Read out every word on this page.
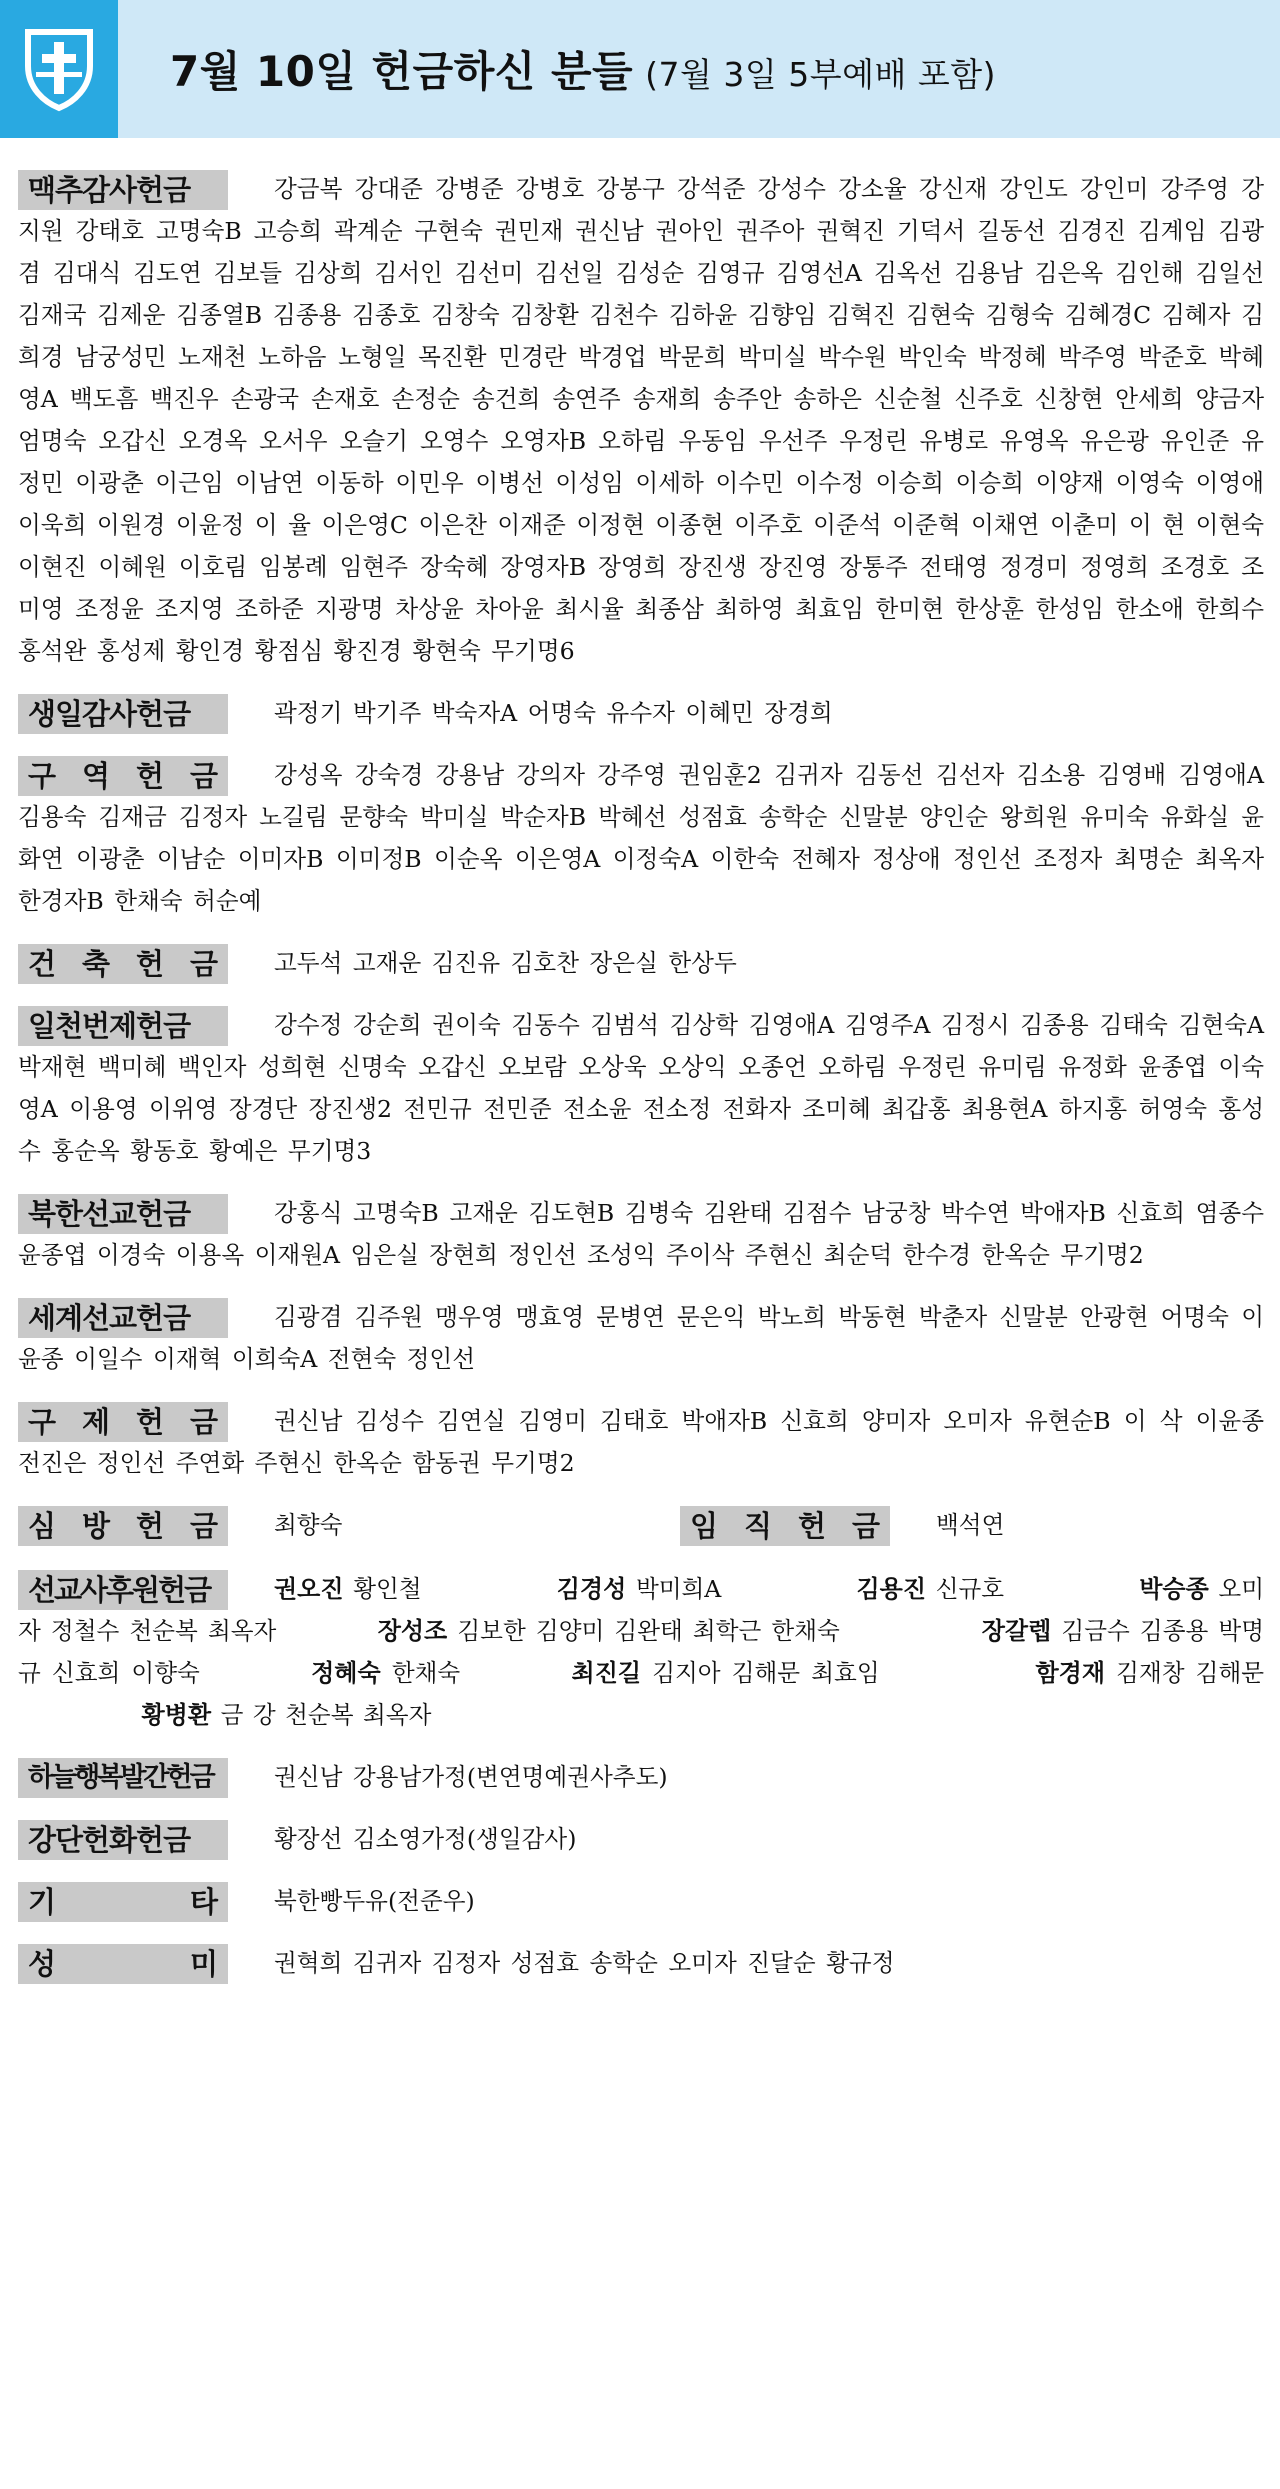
7월 10일 헌금하신 분들 (7월 3일 5부예배 포함)
맥추감사헌금	강금복 강대준 강병준 강병호 강봉구 강석준 강성수 강소율 강신재 강인도 강인미 강주영 강지원 강태호 고명숙B 고승희 곽계순 구현숙 권민재 권신남 권아인 권주아 권혁진 기덕서 길동선 김경진 김계임 김광겸 김대식 김도연 김보들 김상희 김서인 김선미 김선일 김성순 김영규 김영선A 김옥선 김용남 김은옥 김인해 김일선 김재국 김제운 김종열B 김종용 김종호 김창숙 김창환 김천수 김하윤 김향임 김혁진 김현숙 김형숙 김혜경C 김혜자 김희경 남궁성민 노재천 노하음 노형일 목진환 민경란 박경업 박문희 박미실 박수원 박인숙 박정혜 박주영 박준호 박혜영A 백도흠 백진우 손광국 손재호 손정순 송건희 송연주 송재희 송주안 송하은 신순철 신주호 신창현 안세희 양금자 엄명숙 오갑신 오경옥 오서우 오슬기 오영수 오영자B 오하림 우동임 우선주 우정린 유병로 유영옥 유은광 유인준 유정민 이광춘 이근임 이남연 이동하 이민우 이병선 이성임 이세하 이수민 이수정 이승희 이승희 이양재 이영숙 이영애 이욱희 이원경 이윤정 이 율 이은영C 이은찬 이재준 이정현 이종현 이주호 이준석 이준혁 이채연 이춘미 이 현 이현숙 이현진 이혜원 이호림 임봉례 임현주 장숙혜 장영자B 장영희 장진생 장진영 장통주 전태영 정경미 정영희 조경호 조미영 조정윤 조지영 조하준 지광명 차상윤 차아윤 최시율 최종삼 최하영 최효임 한미현 한상훈 한성임 한소애 한희수 홍석완 홍성제 황인경 황점심 황진경 황현숙 무기명6
생일감사헌금	곽정기 박기주 박숙자A 어명숙 유수자 이혜민 장경희
구 역 헌 금	강성옥 강숙경 강용남 강의자 강주영 권임훈2 김귀자 김동선 김선자 김소용 김영배 김영애A 김용숙 김재금 김정자 노길림 문향숙 박미실 박순자B 박혜선 성점효 송학순 신말분 양인순 왕희원 유미숙 유화실 윤화연 이광춘 이남순 이미자B 이미정B 이순옥 이은영A 이정숙A 이한숙 전혜자 정상애 정인선 조정자 최명순 최옥자 한경자B 한채숙 허순예
건 축 헌 금	고두석 고재운 김진유 김호찬 장은실 한상두
일천번제헌금	강수정 강순희 권이숙 김동수 김범석 김상학 김영애A 김영주A 김정시 김종용 김태숙 김현숙A 박재현 백미혜 백인자 성희현 신명숙 오갑신 오보람 오상욱 오상익 오종언 오하림 우정린 유미림 유정화 윤종엽 이숙영A 이용영 이위영 장경단 장진생2 전민규 전민준 전소윤 전소정 전화자 조미혜 최갑홍 최용현A 하지홍 허영숙 홍성수 홍순옥 황동호 황예은 무기명3
북한선교헌금	강홍식 고명숙B 고재운 김도현B 김병숙 김완태 김점수 남궁창 박수연 박애자B 신효희 염종수 윤종엽 이경숙 이용옥 이재원A 임은실 장현희 정인선 조성익 주이삭 주현신 최순덕 한수경 한옥순 무기명2
세계선교헌금	김광겸 김주원 맹우영 맹효영 문병연 문은익 박노희 박동현 박춘자 신말분 안광현 어명숙 이윤종 이일수 이재혁 이희숙A 전현숙 정인선
구 제 헌 금	권신남 김성수 김연실 김영미 김태호 박애자B 신효희 양미자 오미자 유현순B 이 삭 이윤종 전진은 정인선 주연화 주현신 한옥순 함동권 무기명2
심 방 헌 금 최향숙	임 직 헌 금 백석연
선교사후원헌금	권오진 황인철	김경성 박미희A	김용진 신규호	박승종 오미자 정철수 천순복 최옥자	장성조 김보한 김양미 김완태 최학근 한채숙	장갈렙 김금수 김종용 박명규 신효희 이향숙	정혜숙 한채숙	최진길 김지아 김해문 최효임	함경재 김재창 김해문              황병환 금 강 천순복 최옥자
하늘행복발간헌금	권신남 강용남가정(변연명예권사추도)
강단헌화헌금	황장선 김소영가정(생일감사)
기	타	북한빵두유(전준우)
성	미	권혁희 김귀자 김정자 성점효 송학순 오미자 진달순 황규정
